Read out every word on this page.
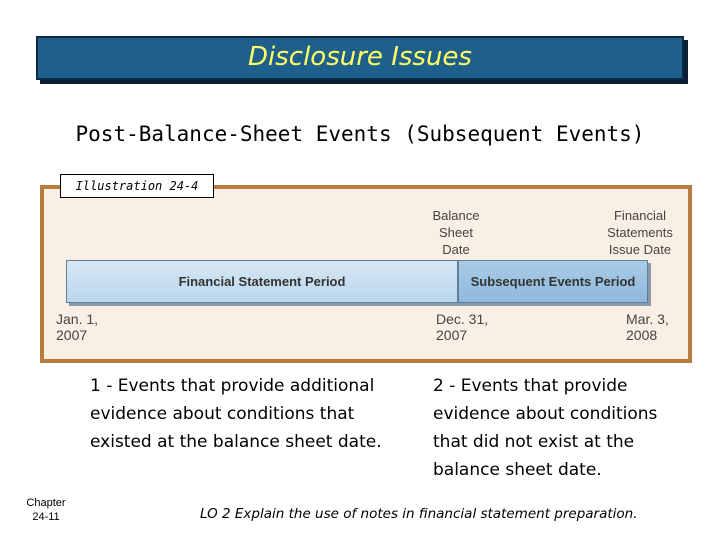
Disclosure Issues
Post-Balance-Sheet Events (Subsequent Events)
Illustration 24-4
Balance
Sheet
Date
Financial
Statements
Issue Date
Financial Statement Period	Subsequent Events Period
Jan. 1,
2007
Dec. 31,
2007
Mar. 3,
2008
1 - Events that provide additional
evidence about conditions that
existed at the balance sheet date.
2 - Events that provide
evidence about conditions
that did not exist at the
balance sheet date.
Chapter
24-11	LO 2 Explain the use of notes in financial statement preparation.
